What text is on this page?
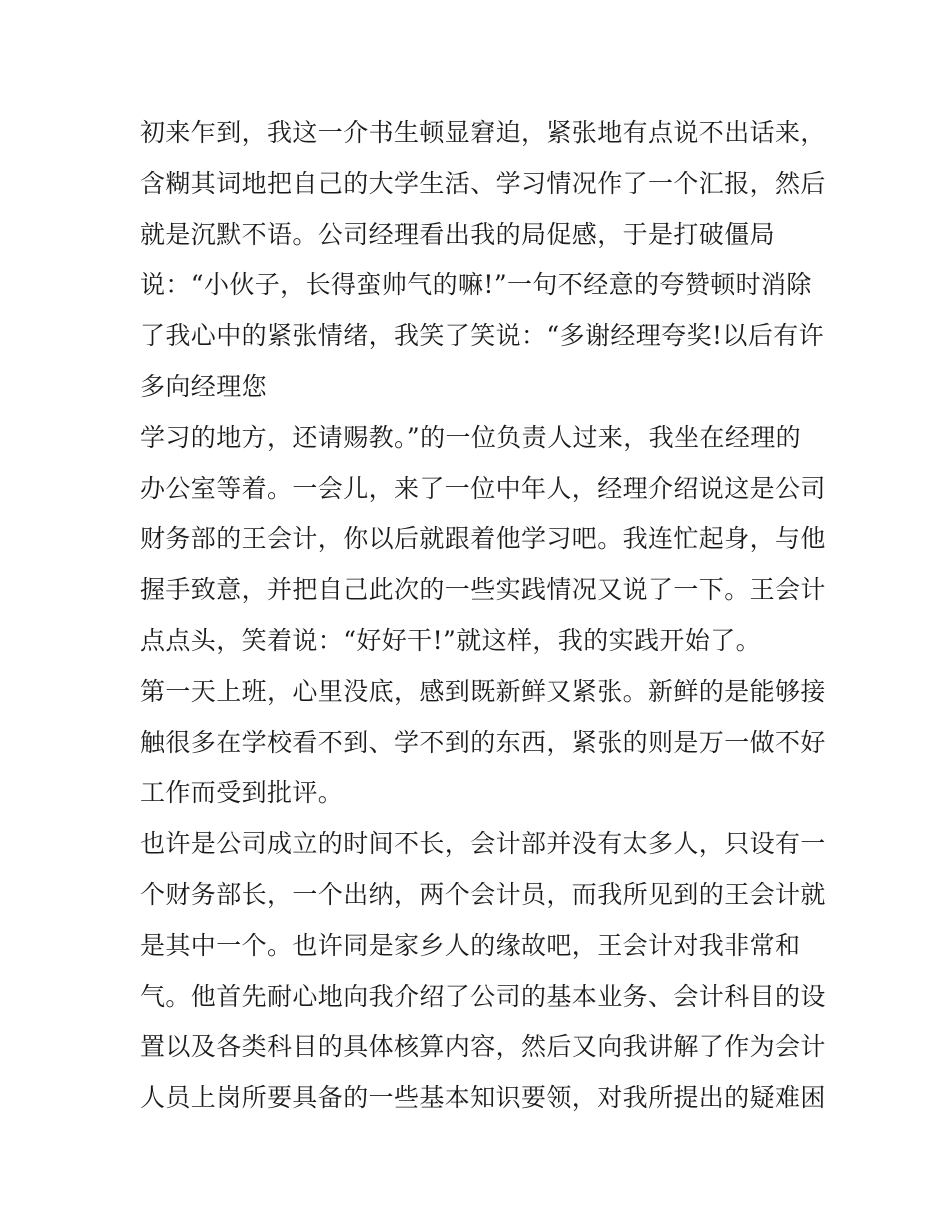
初来乍到，我这一介书生顿显窘迫，紧张地有点说不出话来，
含糊其词地把自己的大学生活、学习情况作了一个汇报，然后
就是沉默不语。公司经理看出我的局促感，于是打破僵局
说：“小伙子，长得蛮帅气的嘛!”一句不经意的夸赞顿时消除
了我心中的紧张情绪，我笑了笑说：“多谢经理夸奖!以后有许
多向经理您
学习的地方，还请赐教。”的一位负责人过来，我坐在经理的
办公室等着。一会儿，来了一位中年人，经理介绍说这是公司
财务部的王会计，你以后就跟着他学习吧。我连忙起身，与他
握手致意，并把自己此次的一些实践情况又说了一下。王会计
点点头，笑着说：“好好干!”就这样，我的实践开始了。
第一天上班，心里没底，感到既新鲜又紧张。新鲜的是能够接
触很多在学校看不到、学不到的东西，紧张的则是万一做不好
工作而受到批评。
也许是公司成立的时间不长，会计部并没有太多人，只设有一
个财务部长，一个出纳，两个会计员，而我所见到的王会计就
是其中一个。也许同是家乡人的缘故吧，王会计对我非常和
气。他首先耐心地向我介绍了公司的基本业务、会计科目的设
置以及各类科目的具体核算内容，然后又向我讲解了作为会计
人员上岗所要具备的一些基本知识要领，对我所提出的疑难困
